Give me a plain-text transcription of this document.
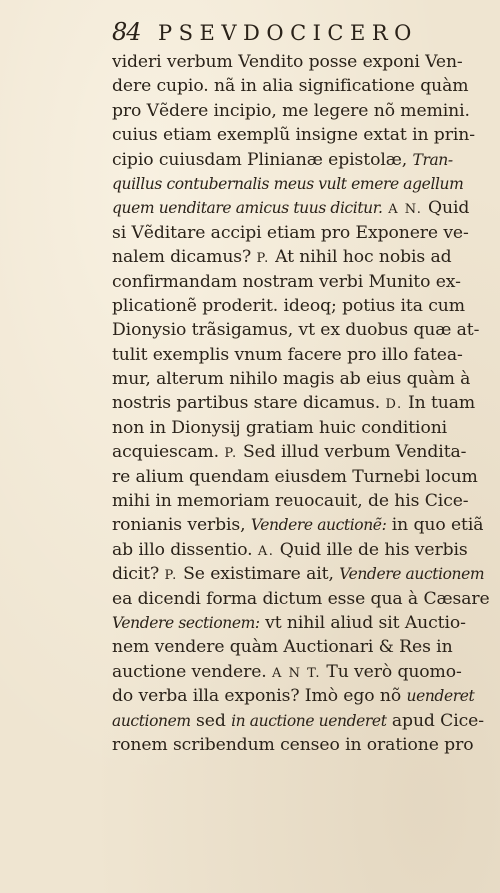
84 PSEVDOCICERO
videri verbum Vendito posse exponi Ven-
dere cupio. nã in alia significatione quàm
pro Vẽdere incipio, me legere nõ memini.
cuius etiam exemplũ insigne extat in prin-
cipio cuiusdam Plinianæ epistolæ, Tran-
quillus contubernalis meus vult emere agellum
quem uenditare amicus tuus dicitur. A N. Quid
si Vẽditare accipi etiam pro Exponere ve-
nalem dicamus? P. At nihil hoc nobis ad
confirmandam nostram verbi Munito ex-
plicationẽ proderit. ideoq; potius ita cum
Dionysio trãsigamus, vt ex duobus quæ at-
tulit exemplis vnum facere pro illo fatea-
mur, alterum nihilo magis ab eius quàm à
nostris partibus stare dicamus. D. In tuam
non in Dionysij gratiam huic conditioni
acquiescam. P. Sed illud verbum Vendita-
re alium quendam eiusdem Turnebi locum
mihi in memoriam reuocauit, de his Cice-
ronianis verbis, Vendere auctionẽ: in quo etiã
ab illo dissentio. A. Quid ille de his verbis
dicit? P. Se existimare ait, Vendere auctionem
ea dicendi forma dictum esse qua à Cæsare
Vendere sectionem: vt nihil aliud sit Auctio-
nem vendere quàm Auctionari & Res in
auctione vendere. A N T. Tu verò quomo-
do verba illa exponis? Imò ego nõ uenderet
auctionem sed in auctione uenderet apud Cice-
ronem scribendum censeo in oratione pro
